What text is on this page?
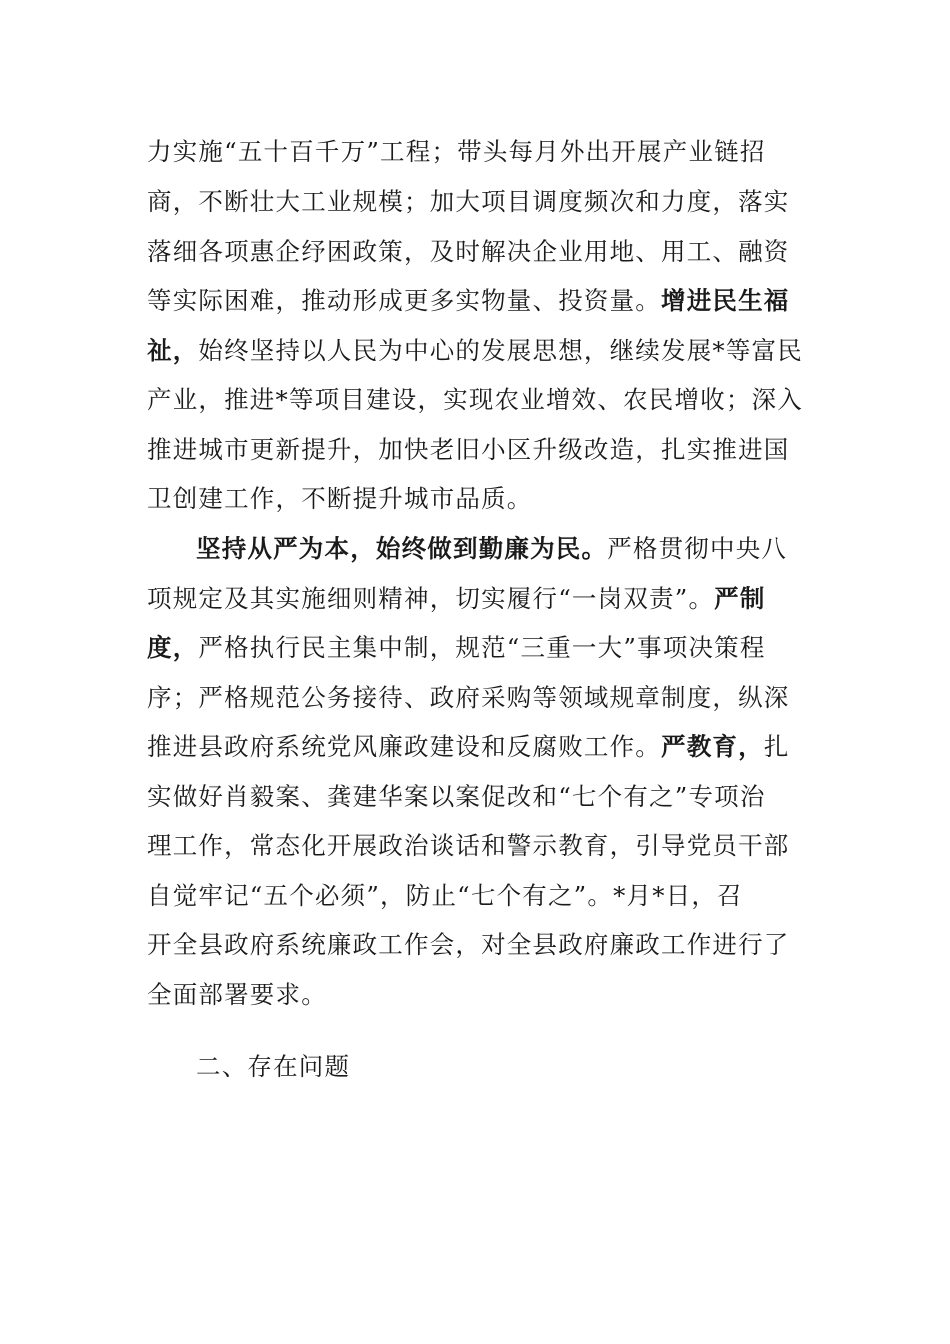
力实施“五十百千万”工程；带头每月外出开展产业链招
商，不断壮大工业规模；加大项目调度频次和力度，落实
落细各项惠企纾困政策，及时解决企业用地、用工、融资
等实际困难，推动形成更多实物量、投资量。增进民生福
祉，始终坚持以人民为中心的发展思想，继续发展*等富民
产业，推进*等项目建设，实现农业增效、农民增收；深入
推进城市更新提升，加快老旧小区升级改造，扎实推进国
卫创建工作，不断提升城市品质。
坚持从严为本，始终做到勤廉为民。严格贯彻中央八
项规定及其实施细则精神，切实履行“一岗双责”。严制
度，严格执行民主集中制，规范“三重一大”事项决策程
序；严格规范公务接待、政府采购等领域规章制度，纵深
推进县政府系统党风廉政建设和反腐败工作。严教育，扎
实做好肖毅案、龚建华案以案促改和“七个有之”专项治
理工作，常态化开展政治谈话和警示教育，引导党员干部
自觉牢记“五个必须”，防止“七个有之”。*月*日，召
开全县政府系统廉政工作会，对全县政府廉政工作进行了
全面部署要求。
二、存在问题
